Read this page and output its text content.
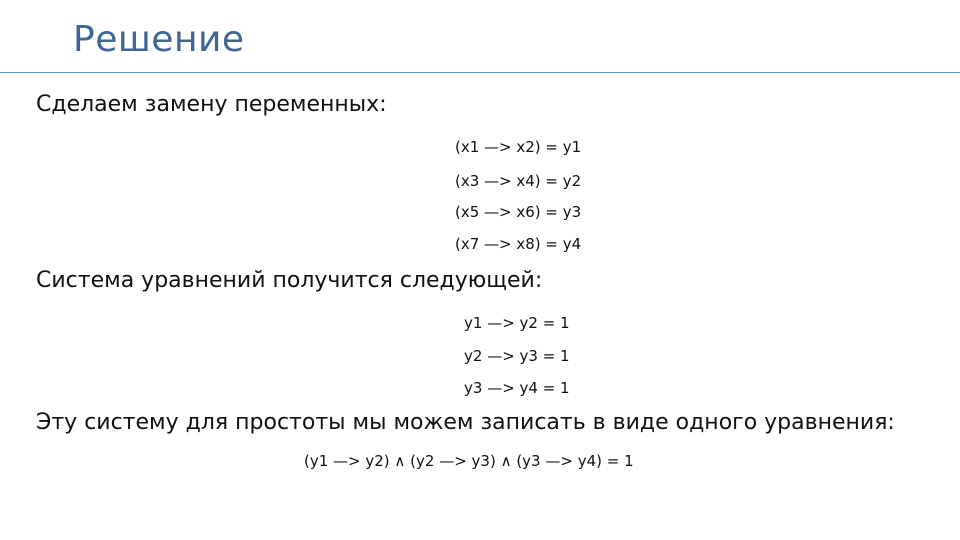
Решение

Сделаем замену переменных:

(x1 —> x2) = y1
(x3 —> x4) = y2
(x5 —> x6) = y3
(x7 —> x8) = y4

Система уравнений получится следующей:

y1 —> y2 = 1
y2 —> y3 = 1
y3 —> y4 = 1

Эту систему для простоты мы можем записать в виде одного уравнения:

(y1 —> y2) ∧ (y2 —> y3) ∧ (y3 —> y4) = 1
